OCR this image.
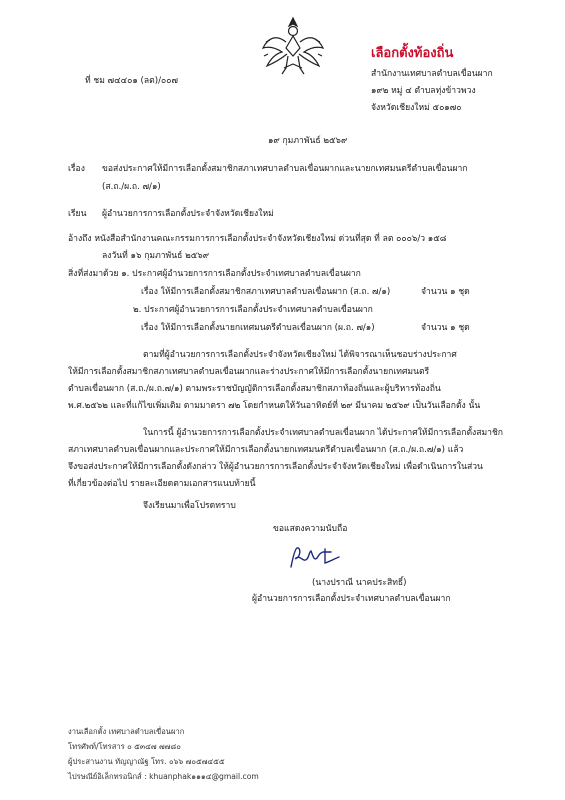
เลือกตั้งท้องถิ่น
ที่ ชม ๗๔๔๐๑ (ลต)/๐๐๗
สำนักงานเทศบาลตำบลเขื่อนผาก
๑๙๒ หมู่ ๔ ตำบลทุ่งข้าวพวง
จังหวัดเชียงใหม่ ๕๐๑๗๐
๑๙ กุมภาพันธ์ ๒๕๖๙
เรื่อง ขอส่งประกาศให้มีการเลือกตั้งสมาชิกสภาเทศบาลตำบลเขื่อนผากและนายกเทศมนตรีตำบลเขื่อนผาก
(ส.ถ./ผ.ถ. ๗/๑)
เรียน ผู้อำนวยการการเลือกตั้งประจำจังหวัดเชียงใหม่
อ้างถึง หนังสือสำนักงานคณะกรรมการการเลือกตั้งประจำจังหวัดเชียงใหม่ ด่วนที่สุด ที่ ลต ๐๐๐๖/ว ๑๕๘
ลงวันที่ ๑๖ กุมภาพันธ์ ๒๕๖๙
สิ่งที่ส่งมาด้วย ๑. ประกาศผู้อำนวยการการเลือกตั้งประจำเทศบาลตำบลเขื่อนผาก
เรื่อง ให้มีการเลือกตั้งสมาชิกสภาเทศบาลตำบลเขื่อนผาก (ส.ถ. ๗/๑)	จำนวน ๑ ชุด
๒. ประกาศผู้อำนวยการการเลือกตั้งประจำเทศบาลตำบลเขื่อนผาก
เรื่อง ให้มีการเลือกตั้งนายกเทศมนตรีตำบลเขื่อนผาก (ผ.ถ. ๗/๑)	จำนวน ๑ ชุด
ตามที่ผู้อำนวยการการเลือกตั้งประจำจังหวัดเชียงใหม่ ได้พิจารณาเห็นชอบร่างประกาศ
ให้มีการเลือกตั้งสมาชิกสภาเทศบาลตำบลเขื่อนผากและร่างประกาศให้มีการเลือกตั้งนายกเทศมนตรี
ตำบลเขื่อนผาก (ส.ถ./ผ.ถ.๗/๑) ตามพระราชบัญญัติการเลือกตั้งสมาชิกสภาท้องถิ่นและผู้บริหารท้องถิ่น
พ.ศ.๒๕๖๒ และที่แก้ไขเพิ่มเติม ตามมาตรา ๗๒ โดยกำหนดให้วันอาทิตย์ที่ ๒๙ มีนาคม ๒๕๖๙ เป็นวันเลือกตั้ง นั้น
ในการนี้ ผู้อำนวยการการเลือกตั้งประจำเทศบาลตำบลเขื่อนผาก ได้ประกาศให้มีการเลือกตั้งสมาชิก
สภาเทศบาลตำบลเขื่อนผากและประกาศให้มีการเลือกตั้งนายกเทศมนตรีตำบลเขื่อนผาก (ส.ถ./ผ.ถ.๗/๑) แล้ว
จึงขอส่งประกาศให้มีการเลือกตั้งดังกล่าว ให้ผู้อำนวยการการเลือกตั้งประจำจังหวัดเชียงใหม่ เพื่อดำเนินการในส่วน
ที่เกี่ยวข้องต่อไป รายละเอียดตามเอกสารแนบท้ายนี้
จึงเรียนมาเพื่อโปรดทราบ
ขอแสดงความนับถือ
(นางปราณี นาคประสิทธิ์)
ผู้อำนวยการการเลือกตั้งประจำเทศบาลตำบลเขื่อนผาก
งานเลือกตั้ง เทศบาลตำบลเขื่อนผาก
โทรศัพท์/โทรสาร ๐ ๕๓๔๗ ๗๗๘๐
ผู้ประสานงาน ทัญญาณัฐ โทร. ๐๖๖ ๗๐๕๗๔๕๕
ไปรษณีย์อิเล็กทรอนิกส์ : khuanphak๑๑๑๔@gmail.com
